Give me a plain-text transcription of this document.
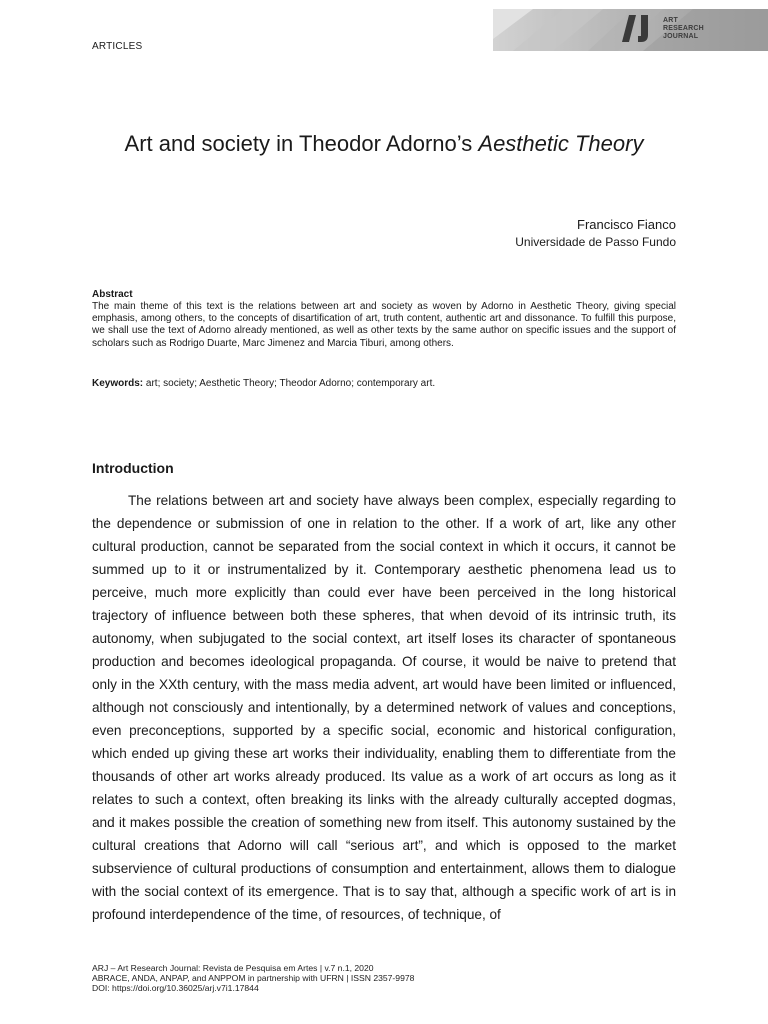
ARTICLES
ART
RESEARCH
JOURNAL
Art and society in Theodor Adorno’s Aesthetic Theory
Francisco Fianco
Universidade de Passo Fundo
Abstract
The main theme of this text is the relations between art and society as woven by Adorno in Aesthetic Theory, giving special emphasis, among others, to the concepts of disartification of art, truth content, authentic art and dissonance. To fulfill this purpose, we shall use the text of Adorno already mentioned, as well as other texts by the same author on specific issues and the support of scholars such as Rodrigo Duarte, Marc Jimenez and Marcia Tiburi, among others.
Keywords: art; society; Aesthetic Theory; Theodor Adorno; contemporary art.
Introduction

The relations between art and society have always been complex, especially regarding to the dependence or submission of one in relation to the other. If a work of art, like any other cultural production, cannot be separated from the social context in which it occurs, it cannot be summed up to it or instrumentalized by it. Contemporary aesthetic phenomena lead us to perceive, much more explicitly than could ever have been perceived in the long historical trajectory of influence between both these spheres, that when devoid of its intrinsic truth, its autonomy, when subjugated to the social context, art itself loses its character of spontaneous production and becomes ideological propaganda. Of course, it would be naive to pretend that only in the XXth century, with the mass media advent, art would have been limited or influenced, although not consciously and intentionally, by a determined network of values and conceptions, even preconceptions, supported by a specific social, economic and historical configuration, which ended up giving these art works their individuality, enabling them to differentiate from the thousands of other art works already produced. Its value as a work of art occurs as long as it relates to such a context, often breaking its links with the already culturally accepted dogmas, and it makes possible the creation of something new from itself. This autonomy sustained by the cultural creations that Adorno will call “serious art”, and which is opposed to the market subservience of cultural productions of consumption and entertainment, allows them to dialogue with the social context of its emergence. That is to say that, although a specific work of art is in profound interdependence of the time, of resources, of technique, of

ARJ – Art Research Journal: Revista de Pesquisa em Artes | v.7 n.1, 2020
ABRACE, ANDA, ANPAP, and ANPPOM in partnership with UFRN | ISSN 2357-9978
DOI: https://doi.org/10.36025/arj.v7i1.17844
